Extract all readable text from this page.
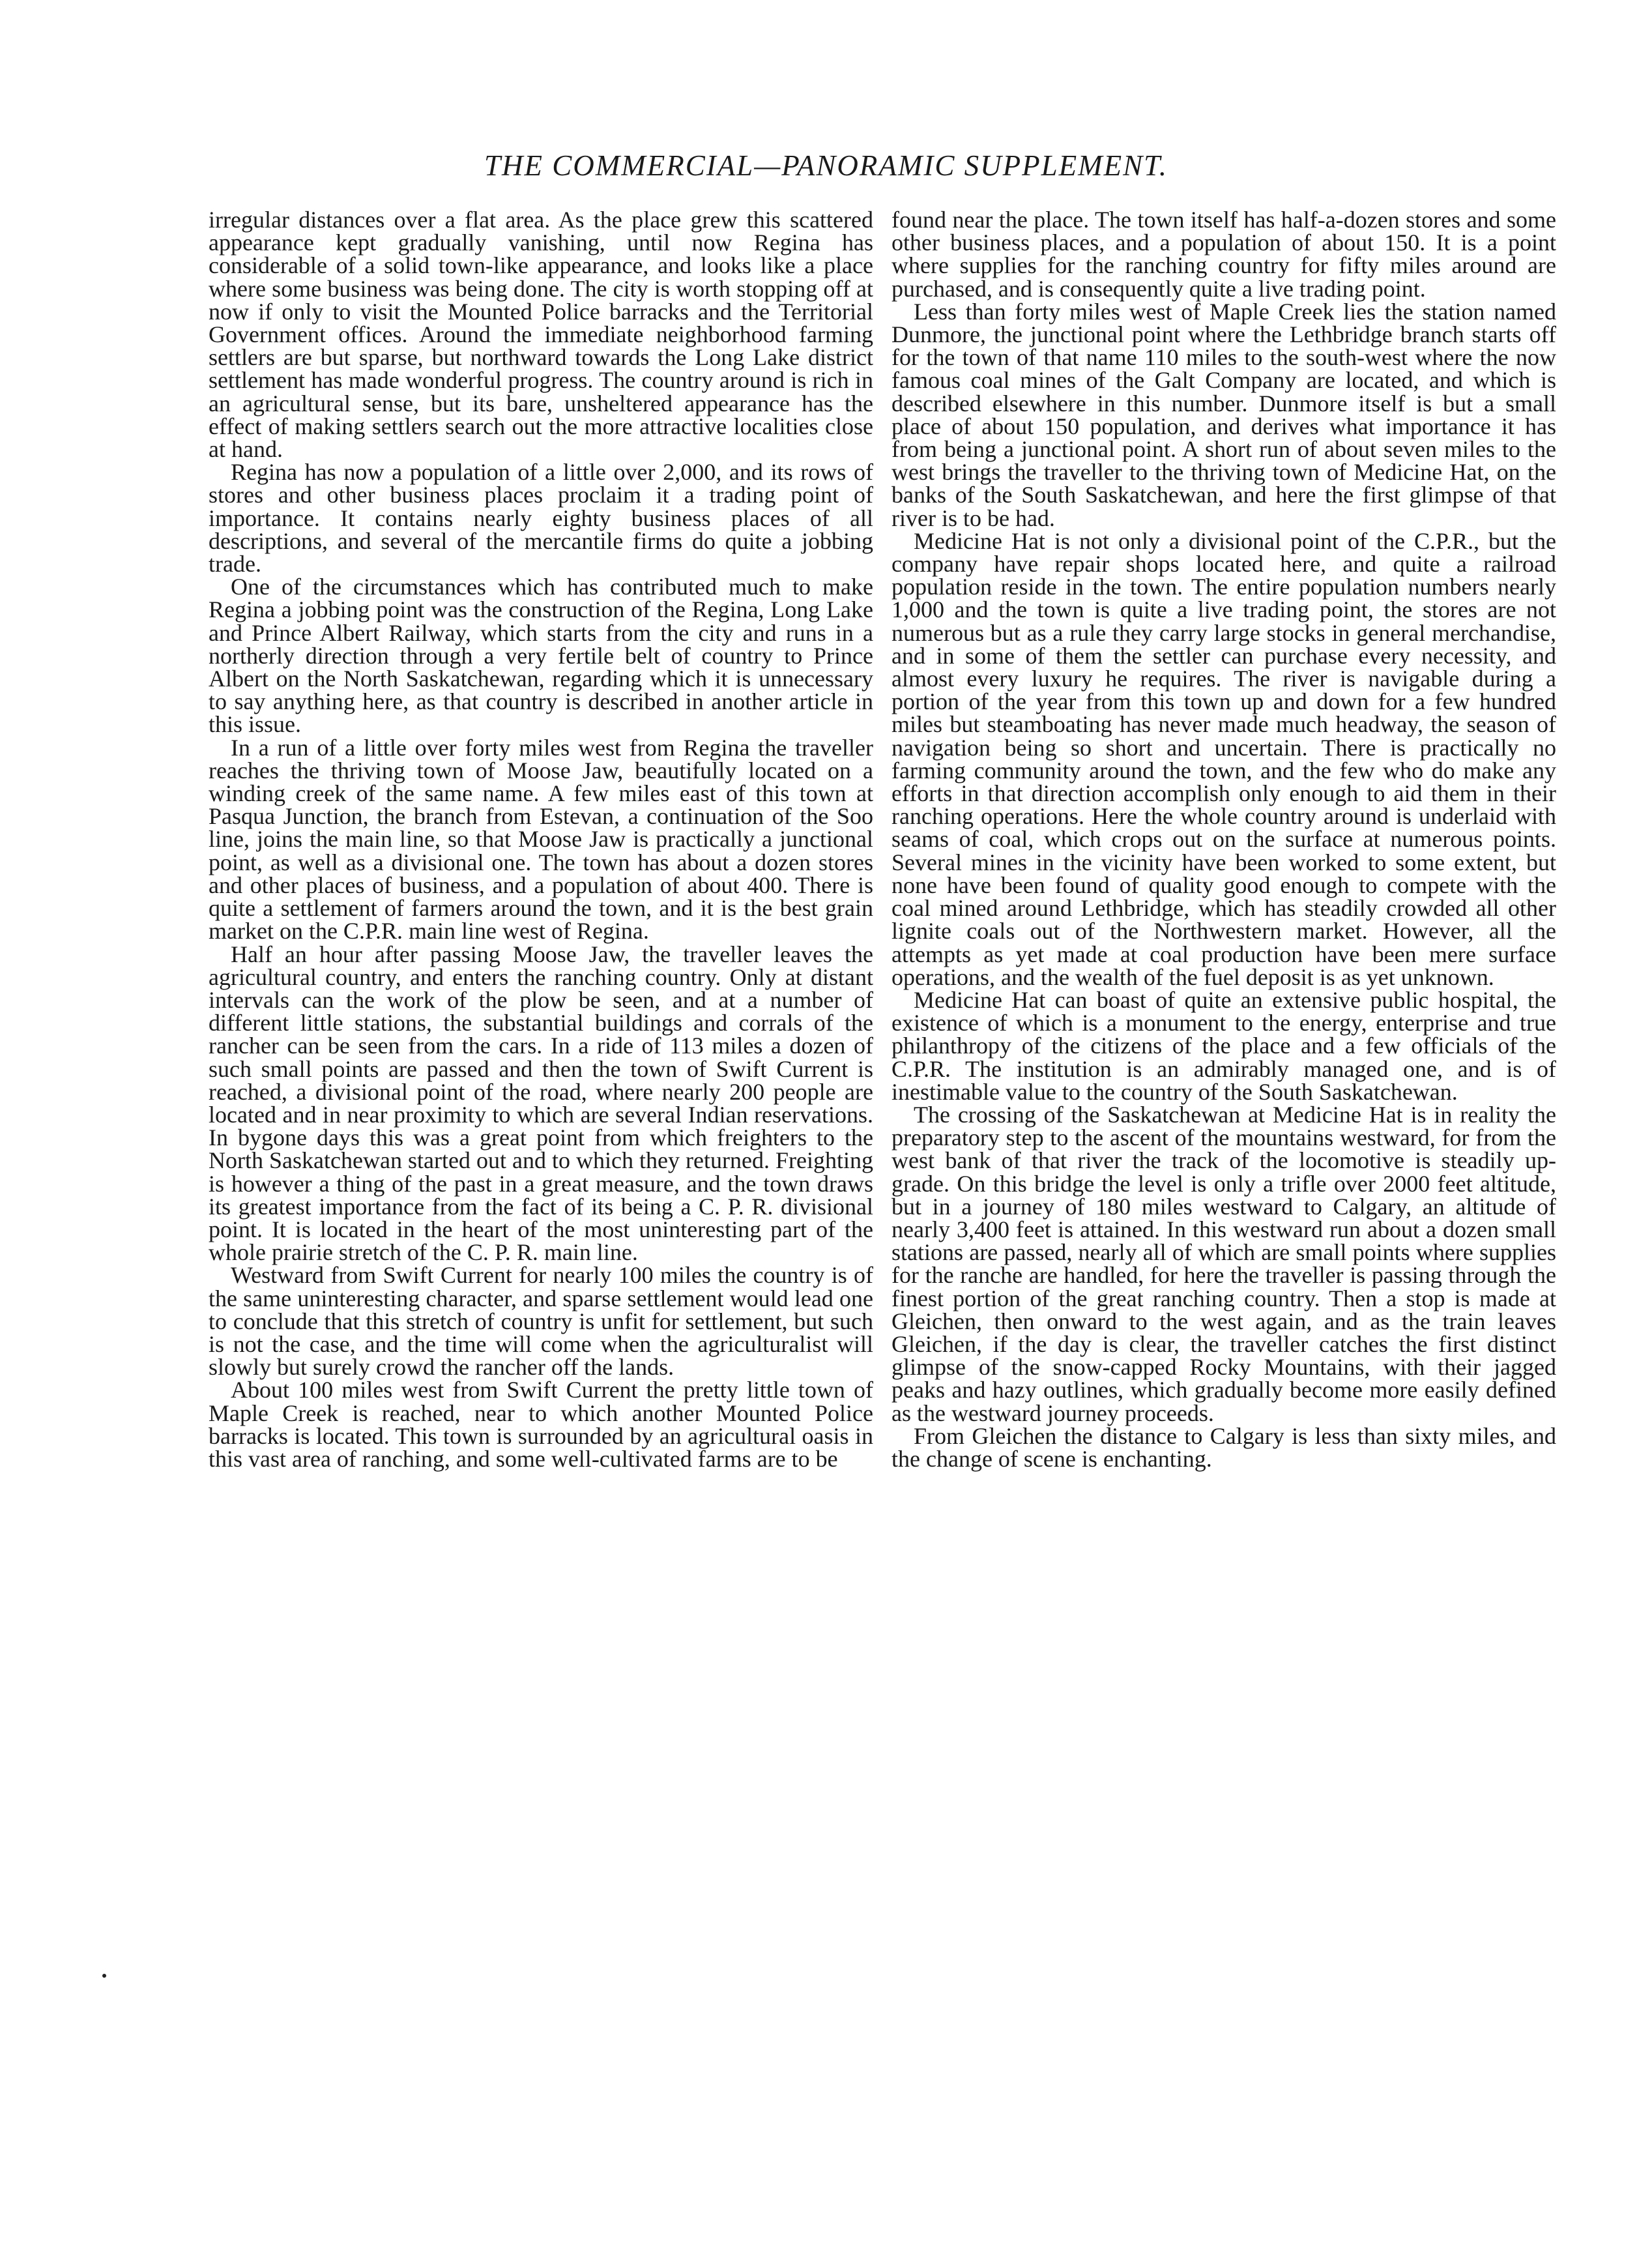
THE COMMERCIAL—PANORAMIC SUPPLEMENT.

irregular distances over a flat area. As the place grew this scattered appearance kept gradually vanishing, until now Regina has considerable of a solid town-like appearance, and looks like a place where some business was being done. The city is worth stopping off at now if only to visit the Mounted Police barracks and the Territorial Government offices. Around the immediate neighborhood farming settlers are but sparse, but northward towards the Long Lake district settlement has made wonderful progress. The country around is rich in an agricultural sense, but its bare, unsheltered appearance has the effect of making settlers search out the more attractive localities close at hand.

Regina has now a population of a little over 2,000, and its rows of stores and other business places proclaim it a trading point of importance. It contains nearly eighty business places of all descriptions, and several of the mercantile firms do quite a jobbing trade.

One of the circumstances which has contributed much to make Regina a jobbing point was the construction of the Regina, Long Lake and Prince Albert Railway, which starts from the city and runs in a northerly direction through a very fertile belt of country to Prince Albert on the North Saskatchewan, regarding which it is unnecessary to say anything here, as that country is described in another article in this issue.

In a run of a little over forty miles west from Regina the traveller reaches the thriving town of Moose Jaw, beautifully located on a winding creek of the same name. A few miles east of this town at Pasqua Junction, the branch from Estevan, a continuation of the Soo line, joins the main line, so that Moose Jaw is practically a junctional point, as well as a divisional one. The town has about a dozen stores and other places of business, and a population of about 400. There is quite a settlement of farmers around the town, and it is the best grain market on the C.P.R. main line west of Regina.

Half an hour after passing Moose Jaw, the traveller leaves the agricultural country, and enters the ranching country. Only at distant intervals can the work of the plow be seen, and at a number of different little stations, the substantial buildings and corrals of the rancher can be seen from the cars. In a ride of 113 miles a dozen of such small points are passed and then the town of Swift Current is reached, a divisional point of the road, where nearly 200 people are located and in near proximity to which are several Indian reservations. In bygone days this was a great point from which freighters to the North Saskatchewan started out and to which they returned. Freighting is however a thing of the past in a great measure, and the town draws its greatest importance from the fact of its being a C. P. R. divisional point. It is located in the heart of the most uninteresting part of the whole prairie stretch of the C. P. R. main line.

Westward from Swift Current for nearly 100 miles the country is of the same uninteresting character, and sparse settlement would lead one to conclude that this stretch of country is unfit for settlement, but such is not the case, and the time will come when the agriculturalist will slowly but surely crowd the rancher off the lands.

About 100 miles west from Swift Current the pretty little town of Maple Creek is reached, near to which another Mounted Police barracks is located. This town is surrounded by an agricultural oasis in this vast area of ranching, and some well-cultivated farms are to be

found near the place. The town itself has half-a-dozen stores and some other business places, and a population of about 150. It is a point where supplies for the ranching country for fifty miles around are purchased, and is consequently quite a live trading point.

Less than forty miles west of Maple Creek lies the station named Dunmore, the junctional point where the Lethbridge branch starts off for the town of that name 110 miles to the south-west where the now famous coal mines of the Galt Company are located, and which is described elsewhere in this number. Dunmore itself is but a small place of about 150 population, and derives what importance it has from being a junctional point. A short run of about seven miles to the west brings the traveller to the thriving town of Medicine Hat, on the banks of the South Saskatchewan, and here the first glimpse of that river is to be had.

Medicine Hat is not only a divisional point of the C.P.R., but the company have repair shops located here, and quite a railroad population reside in the town. The entire population numbers nearly 1,000 and the town is quite a live trading point, the stores are not numerous but as a rule they carry large stocks in general merchandise, and in some of them the settler can purchase every necessity, and almost every luxury he requires. The river is navigable during a portion of the year from this town up and down for a few hundred miles but steamboating has never made much headway, the season of navigation being so short and uncertain. There is practically no farming community around the town, and the few who do make any efforts in that direction accomplish only enough to aid them in their ranching operations. Here the whole country around is underlaid with seams of coal, which crops out on the surface at numerous points. Several mines in the vicinity have been worked to some extent, but none have been found of quality good enough to compete with the coal mined around Lethbridge, which has steadily crowded all other lignite coals out of the Northwestern market. However, all the attempts as yet made at coal production have been mere surface operations, and the wealth of the fuel deposit is as yet unknown.

Medicine Hat can boast of quite an extensive public hospital, the existence of which is a monument to the energy, enterprise and true philanthropy of the citizens of the place and a few officials of the C.P.R. The institution is an admirably managed one, and is of inestimable value to the country of the South Saskatchewan.

The crossing of the Saskatchewan at Medicine Hat is in reality the preparatory step to the ascent of the mountains westward, for from the west bank of that river the track of the locomotive is steadily up-grade. On this bridge the level is only a trifle over 2000 feet altitude, but in a journey of 180 miles westward to Calgary, an altitude of nearly 3,400 feet is attained. In this westward run about a dozen small stations are passed, nearly all of which are small points where supplies for the ranche are handled, for here the traveller is passing through the finest portion of the great ranching country. Then a stop is made at Gleichen, then onward to the west again, and as the train leaves Gleichen, if the day is clear, the traveller catches the first distinct glimpse of the snow-capped Rocky Mountains, with their jagged peaks and hazy outlines, which gradually become more easily defined as the westward journey proceeds.

From Gleichen the distance to Calgary is less than sixty miles, and the change of scene is enchanting.
